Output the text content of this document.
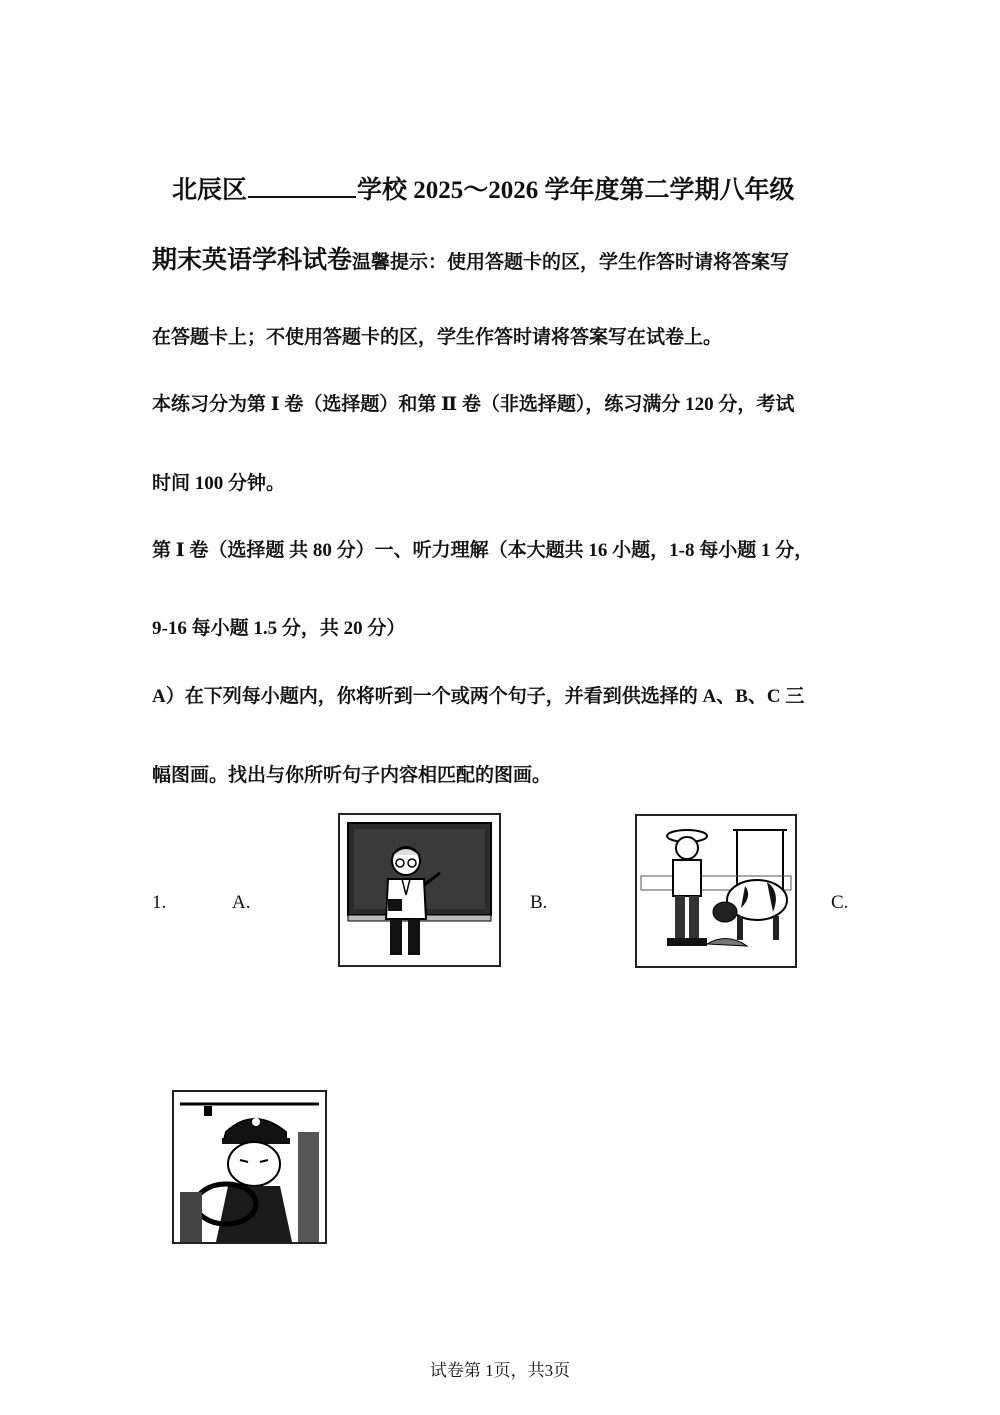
北辰区	学校 2025～2026 学年度第二学期八年级
期末英语学科试卷温馨提示：使用答题卡的区，学生作答时请将答案写
在答题卡上；不使用答题卡的区，学生作答时请将答案写在试卷上。
本练习分为第 Ⅰ 卷（选择题）和第 Ⅱ 卷（非选择题），练习满分 120 分，考试
时间 100 分钟。
第 Ⅰ 卷（选择题 共 80 分）一、听力理解（本大题共 16 小题，1-8 每小题 1 分，
9-16 每小题 1.5 分，共 20 分）
A）在下列每小题内，你将听到一个或两个句子，并看到供选择的 A、B、C 三
幅图画。找出与你所听句子内容相匹配的图画。
1.	A.	B.	C.
试卷第 1页，共3页
